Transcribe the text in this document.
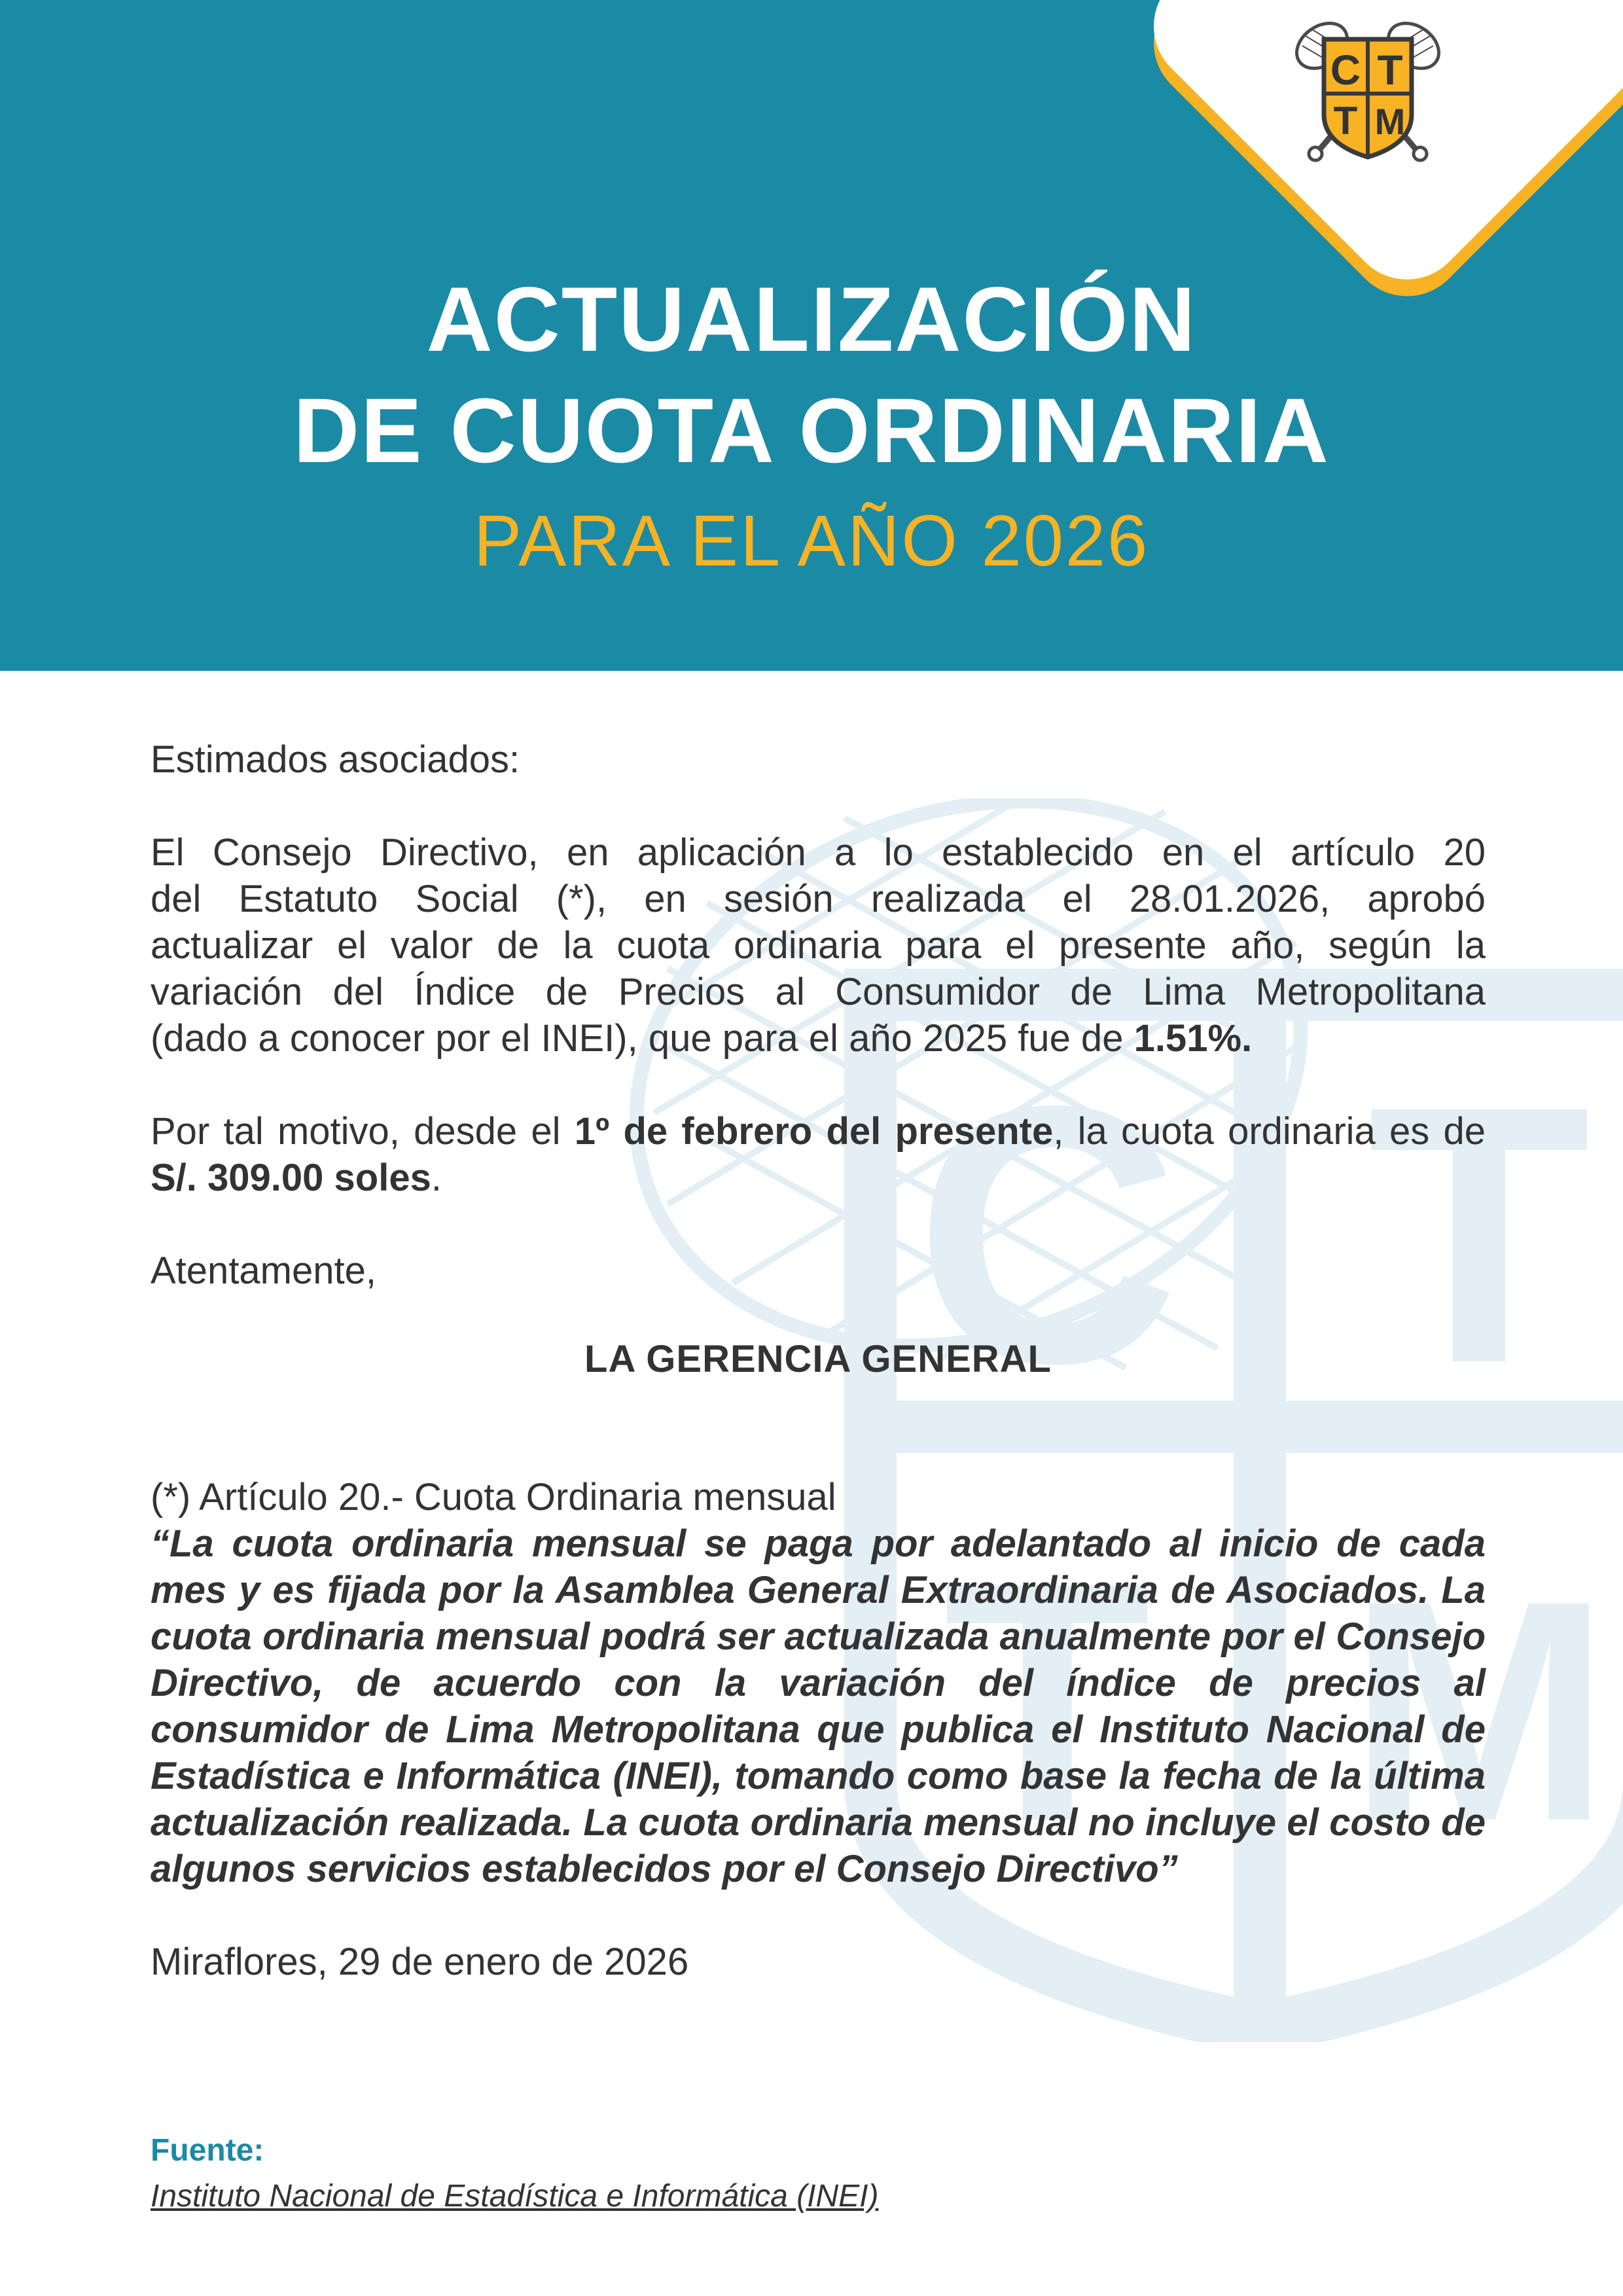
C T
T M
ACTUALIZACIÓN
DE CUOTA ORDINARIA
PARA EL AÑO 2026
C T
T M

Estimados asociados:

El Consejo Directivo, en aplicación a lo establecido en el artículo 20

del Estatuto Social (*), en sesión realizada el 28.01.2026, aprobó

actualizar el valor de la cuota ordinaria para el presente año, según la

variación del Índice de Precios al Consumidor de Lima Metropolitana

(dado a conocer por el INEI), que para el año 2025 fue de 1.51%.

Por tal motivo, desde el 1º de febrero del presente, la cuota ordinaria es de S/. 309.00 soles.

Atentamente,

LA GERENCIA GENERAL

(*) Artículo 20.- Cuota Ordinaria mensual

“La cuota ordinaria mensual se paga por adelantado al inicio de cada mes y es fijada por la Asamblea General Extraordinaria de Asociados. La cuota ordinaria mensual podrá ser actualizada anualmente por el Consejo Directivo, de acuerdo con la variación del índice de precios al consumidor de Lima Metropolitana que publica el Instituto Nacional de Estadística e Informática (INEI), tomando como base la fecha de la última actualización realizada. La cuota ordinaria mensual no incluye el costo de algunos servicios establecidos por el Consejo Directivo”

Miraflores, 29 de enero de 2026

Fuente:
Instituto Nacional de Estadística e Informática (INEI)
